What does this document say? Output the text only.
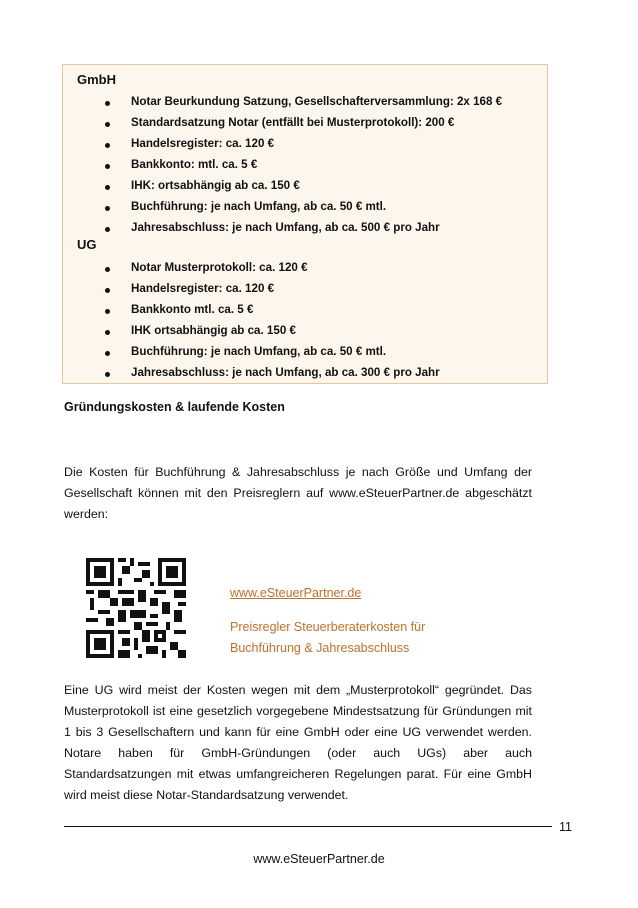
GmbH
Notar Beurkundung Satzung, Gesellschafterversammlung: 2x 168 €
Standardsatzung Notar (entfällt bei Musterprotokoll): 200 €
Handelsregister: ca. 120 €
Bankkonto: mtl. ca. 5 €
IHK: ortsabhängig ab ca. 150 €
Buchführung: je nach Umfang, ab ca. 50 € mtl.
Jahresabschluss: je nach Umfang, ab ca. 500 € pro Jahr
UG
Notar Musterprotokoll: ca. 120 €
Handelsregister: ca. 120 €
Bankkonto mtl. ca. 5 €
IHK ortsabhängig ab ca. 150 €
Buchführung: je nach Umfang, ab ca. 50 € mtl.
Jahresabschluss: je nach Umfang, ab ca. 300 € pro Jahr
Gründungskosten & laufende Kosten

Die Kosten für Buchführung & Jahresabschluss je nach Größe und Umfang der Gesellschaft können mit den Preisreglern auf www.eSteuerPartner.de abgeschätzt werden:

www.eSteuerPartner.de
Preisregler Steuerberaterkosten für
Buchführung & Jahresabschluss

Eine UG wird meist der Kosten wegen mit dem „Musterprotokoll“ gegründet. Das Musterprotokoll ist eine gesetzlich vorgegebene Mindestsatzung für Gründungen mit 1 bis 3 Gesellschaftern und kann für eine GmbH oder eine UG verwendet werden. Notare haben für GmbH-Gründungen (oder auch UGs) aber auch Standardsatzungen mit etwas umfangreicheren Regelungen parat. Für eine GmbH wird meist diese Notar-Standardsatzung verwendet.

11
www.eSteuerPartner.de
